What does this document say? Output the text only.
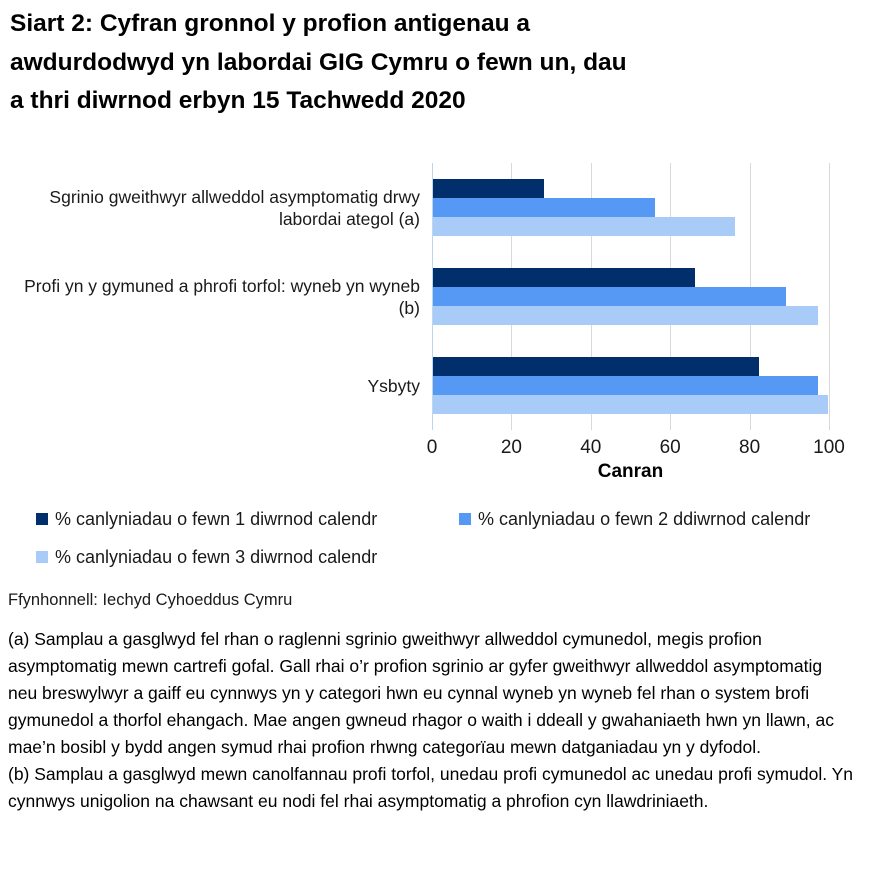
Siart 2: Cyfran gronnol y profion antigenau a
awdurdodwyd yn labordai GIG Cymru o fewn un, dau
a thri diwrnod erbyn 15 Tachwedd 2020
Sgrinio gweithwyr allweddol asymptomatig drwy labordai ategol (a)
Profi yn y gymuned a phrofi torfol: wyneb yn wyneb (b)
Ysbyty
0	20	40	60	80	100
Canran
% canlyniadau o fewn 1 diwrnod calendr	% canlyniadau o fewn 2 ddiwrnod calendr
% canlyniadau o fewn 3 diwrnod calendr
Ffynhonnell: Iechyd Cyhoeddus Cymru

(a) Samplau a gasglwyd fel rhan o raglenni sgrinio gweithwyr allweddol cymunedol, megis profion asymptomatig mewn cartrefi gofal. Gall rhai o’r profion sgrinio ar gyfer gweithwyr allweddol asymptomatig neu breswylwyr a gaiff eu cynnwys yn y categori hwn eu cynnal wyneb yn wyneb fel rhan o system brofi gymunedol a thorfol ehangach. Mae angen gwneud rhagor o waith i ddeall y gwahaniaeth hwn yn llawn, ac mae’n bosibl y bydd angen symud rhai profion rhwng categorïau mewn datganiadau yn y dyfodol.

(b) Samplau a gasglwyd mewn canolfannau profi torfol, unedau profi cymunedol ac unedau profi symudol. Yn cynnwys unigolion na chawsant eu nodi fel rhai asymptomatig a phrofion cyn llawdriniaeth.
